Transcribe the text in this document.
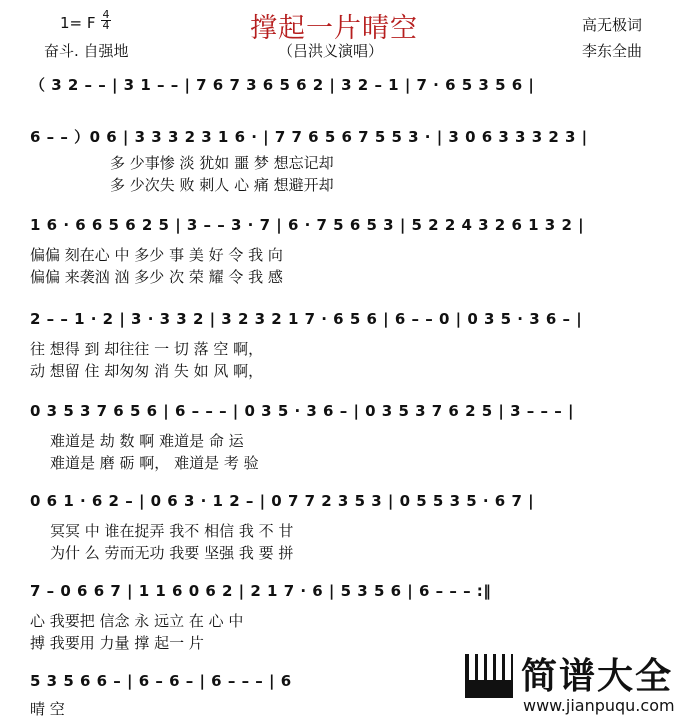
1= F $\frac{4}{4}$	撑起一片晴空
奋斗. 自强地	（吕洪义演唱）
高无极词
李东全曲
（ 3 2 – – | 3 1 – – | 7 6 7 3 6 5 6 2 | 3 2 – 1 | 7 · 6 5 3 5 6 |
6 – – ）0 6 | 3 3 3 2 3 1 6 · | 7 7 6 5 6 7 5 5 3 · | 3 0 6 3 3 3 2 3 |
多 少事惨 淡 犹如 噩 梦 想忘记却
多 少次失 败 刺人 心 痛 想避开却
1 6 · 6 6 5 6 2 5 | 3 – – 3 · 7 | 6 · 7 5 6 5 3 | 5 2 2 4 3 2 6 1 3 2 |
偏偏 刻在心 中 多少 事 美 好 令 我 向
偏偏 来袭汹 汹 多少 次 荣 耀 令 我 感
2 – – 1 · 2 | 3 · 3 3 2 | 3 2 3 2 1 7 · 6 5 6 | 6 – – 0 | 0 3 5 · 3 6 – |
往 想得 到 却往往 一 切 落 空 啊，
动 想留 住 却匆匆 消 失 如 风 啊，
0 3 5 3 7 6 5 6 | 6 – – – | 0 3 5 · 3 6 – | 0 3 5 3 7 6 2 5 | 3 – – – |
难道是 劫 数 啊 难道是 命 运
难道是 磨 砺 啊， 难道是 考 验
0 6 1 · 6 2 – | 0 6 3 · 1 2 – | 0 7 7 2 3 5 3 | 0 5 5 3 5 · 6 7 |
冥冥 中 谁在捉弄 我不 相信 我 不 甘
为什 么 劳而无功 我要 坚强 我 要 拼
7 – 0 6 6 7 | 1 1 6 0 6 2 | 2 1 7 · 6 | 5 3 5 6 | 6 – – – :‖
心 我要把 信念 永 远立 在 心 中
搏 我要用 力量 撑 起一 片
5 3 5 6 6 – | 6 – 6 – | 6 – – – | 6
晴 空
简谱大全
www.jianpuqu.com
